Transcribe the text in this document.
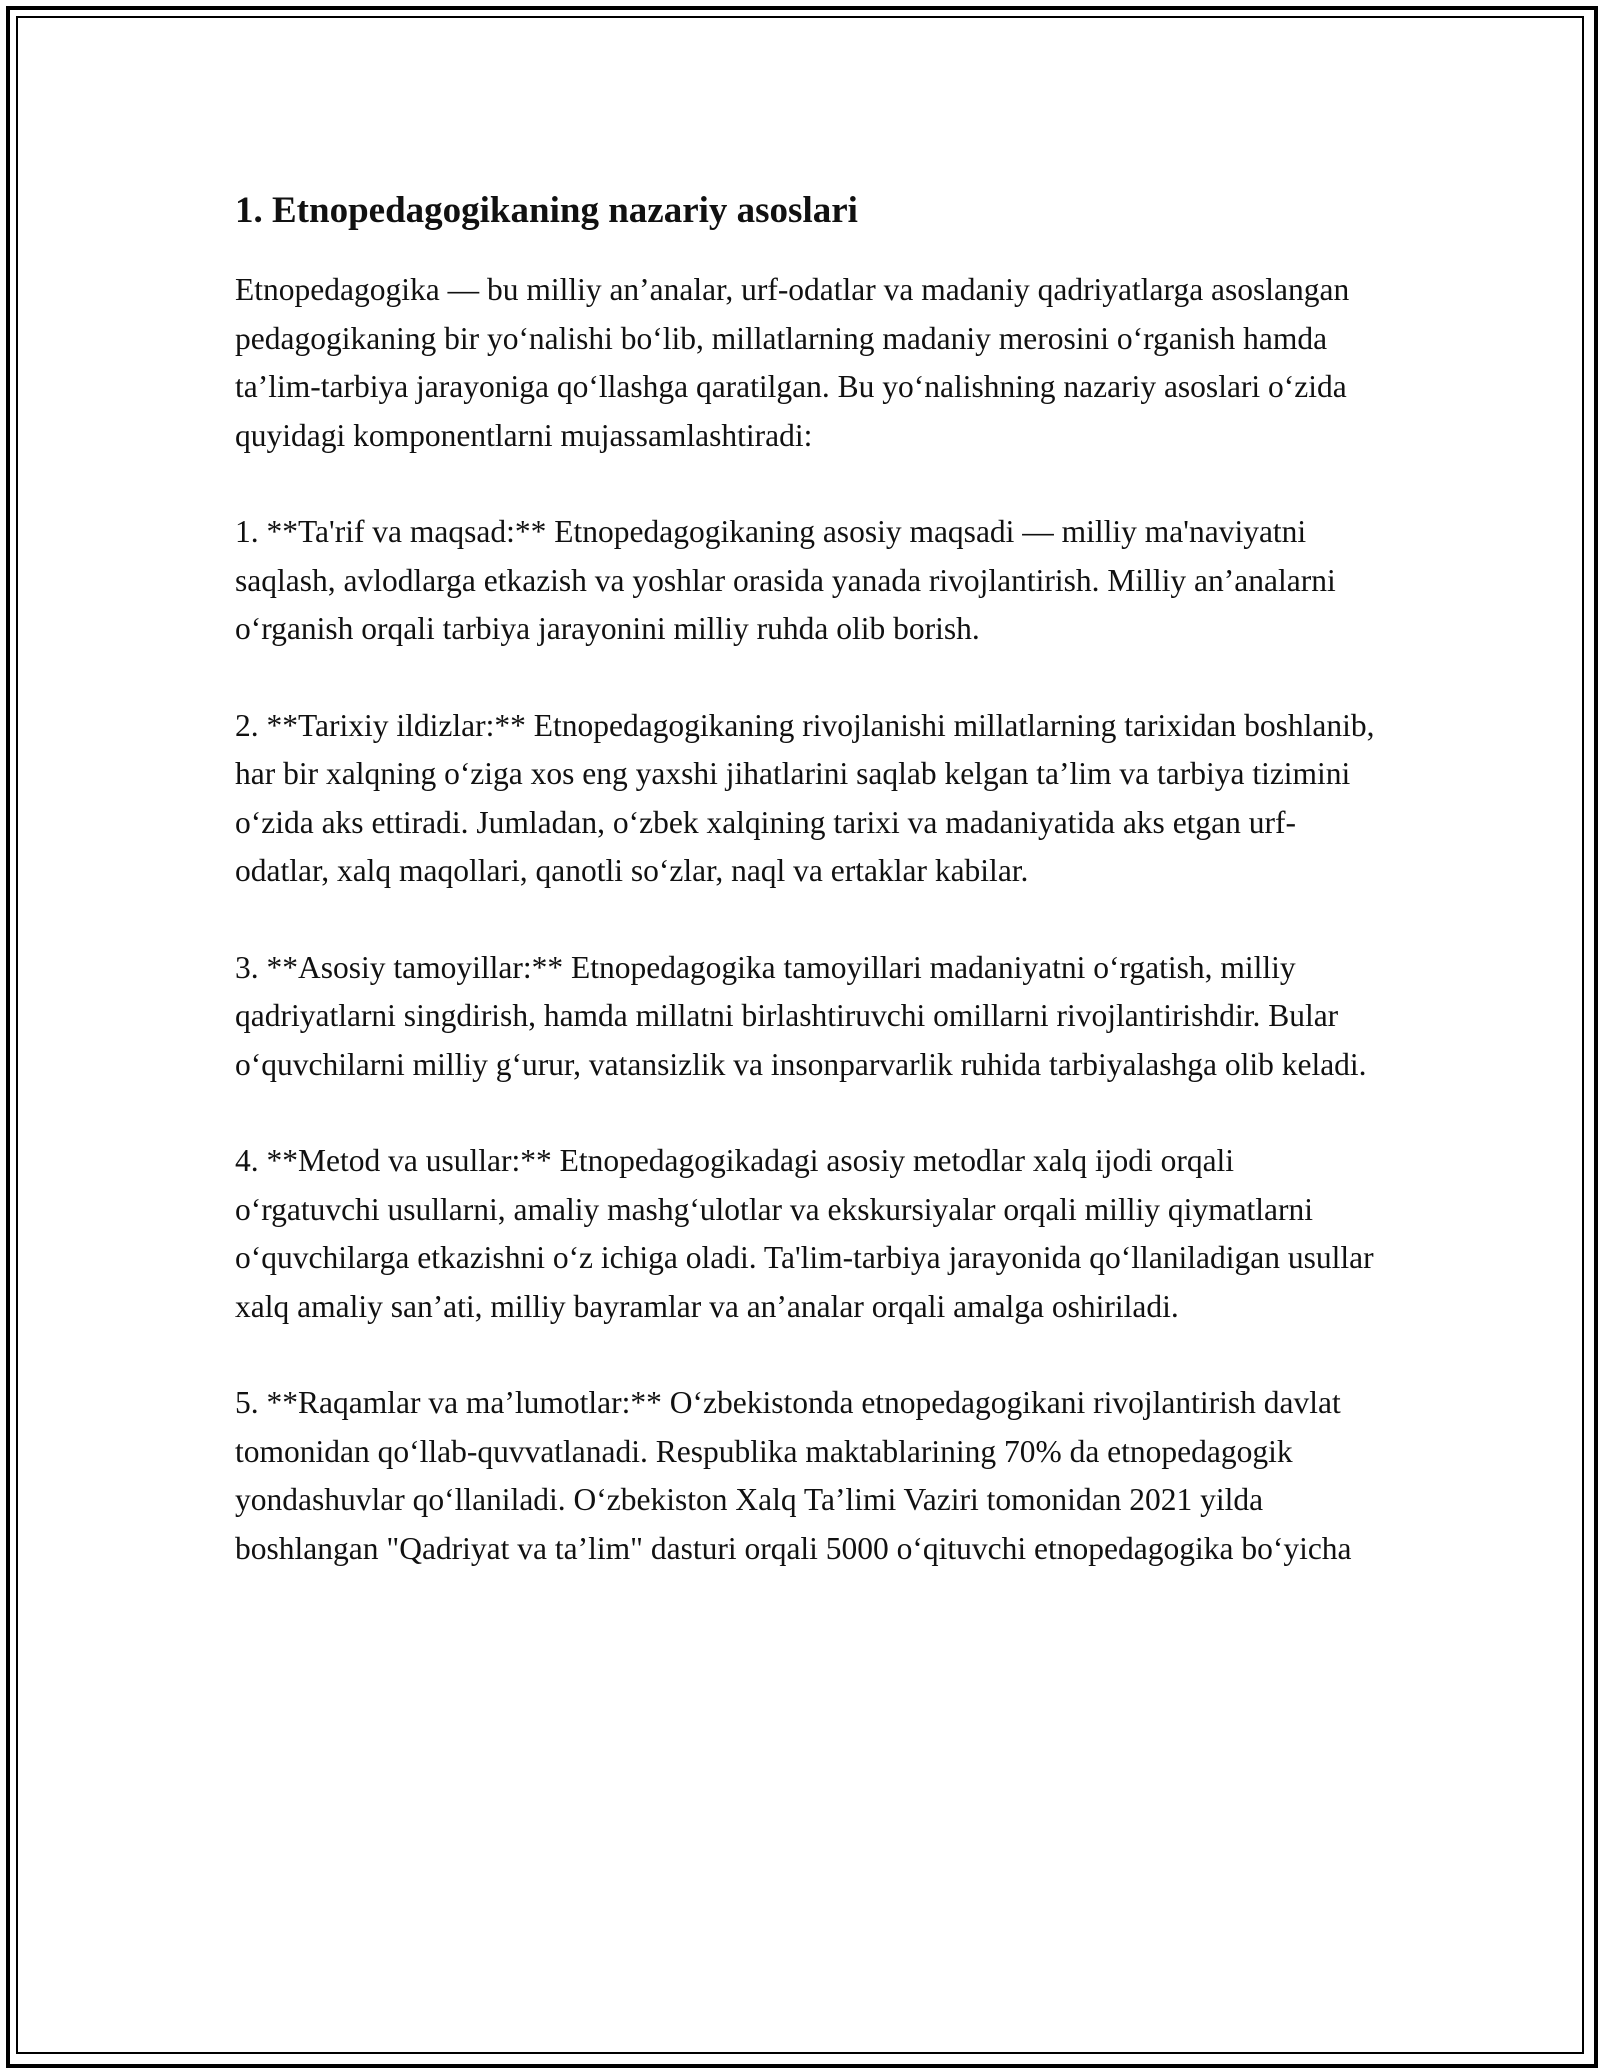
1. Etnopedagogikaning nazariy asoslari

Etnopedagogika — bu milliy an’analar, urf-odatlar va madaniy qadriyatlarga asoslangan pedagogikaning bir yoʻnalishi boʻlib, millatlarning madaniy merosini oʻrganish hamda ta’lim-tarbiya jarayoniga qoʻllashga qaratilgan. Bu yoʻnalishning nazariy asoslari oʻzida quyidagi komponentlarni mujassamlashtiradi:

1. **Ta'rif va maqsad:** Etnopedagogikaning asosiy maqsadi — milliy ma'naviyatni saqlash, avlodlarga etkazish va yoshlar orasida yanada rivojlantirish. Milliy an’analarni oʻrganish orqali tarbiya jarayonini milliy ruhda olib borish.

2. **Tarixiy ildizlar:** Etnopedagogikaning rivojlanishi millatlarning tarixidan boshlanib, har bir xalqning oʻziga xos eng yaxshi jihatlarini saqlab kelgan ta’lim va tarbiya tizimini oʻzida aks ettiradi. Jumladan, oʻzbek xalqining tarixi va madaniyatida aks etgan urf-odatlar, xalq maqollari, qanotli soʻzlar, naql va ertaklar kabilar.

3. **Asosiy tamoyillar:** Etnopedagogika tamoyillari madaniyatni oʻrgatish, milliy qadriyatlarni singdirish, hamda millatni birlashtiruvchi omillarni rivojlantirishdir. Bular oʻquvchilarni milliy gʻurur, vatansizlik va insonparvarlik ruhida tarbiyalashga olib keladi.

4. **Metod va usullar:** Etnopedagogikadagi asosiy metodlar xalq ijodi orqali oʻrgatuvchi usullarni, amaliy mashgʻulotlar va ekskursiyalar orqali milliy qiymatlarni oʻquvchilarga etkazishni oʻz ichiga oladi. Ta'lim-tarbiya jarayonida qoʻllaniladigan usullar xalq amaliy san’ati, milliy bayramlar va an’analar orqali amalga oshiriladi.

5. **Raqamlar va ma’lumotlar:** Oʻzbekistonda etnopedagogikani rivojlantirish davlat tomonidan qoʻllab-quvvatlanadi. Respublika maktablarining 70% da etnopedagogik yondashuvlar qoʻllaniladi. Oʻzbekiston Xalq Ta’limi Vaziri tomonidan 2021 yilda boshlangan "Qadriyat va ta’lim" dasturi orqali 5000 oʻqituvchi etnopedagogika boʻyicha
